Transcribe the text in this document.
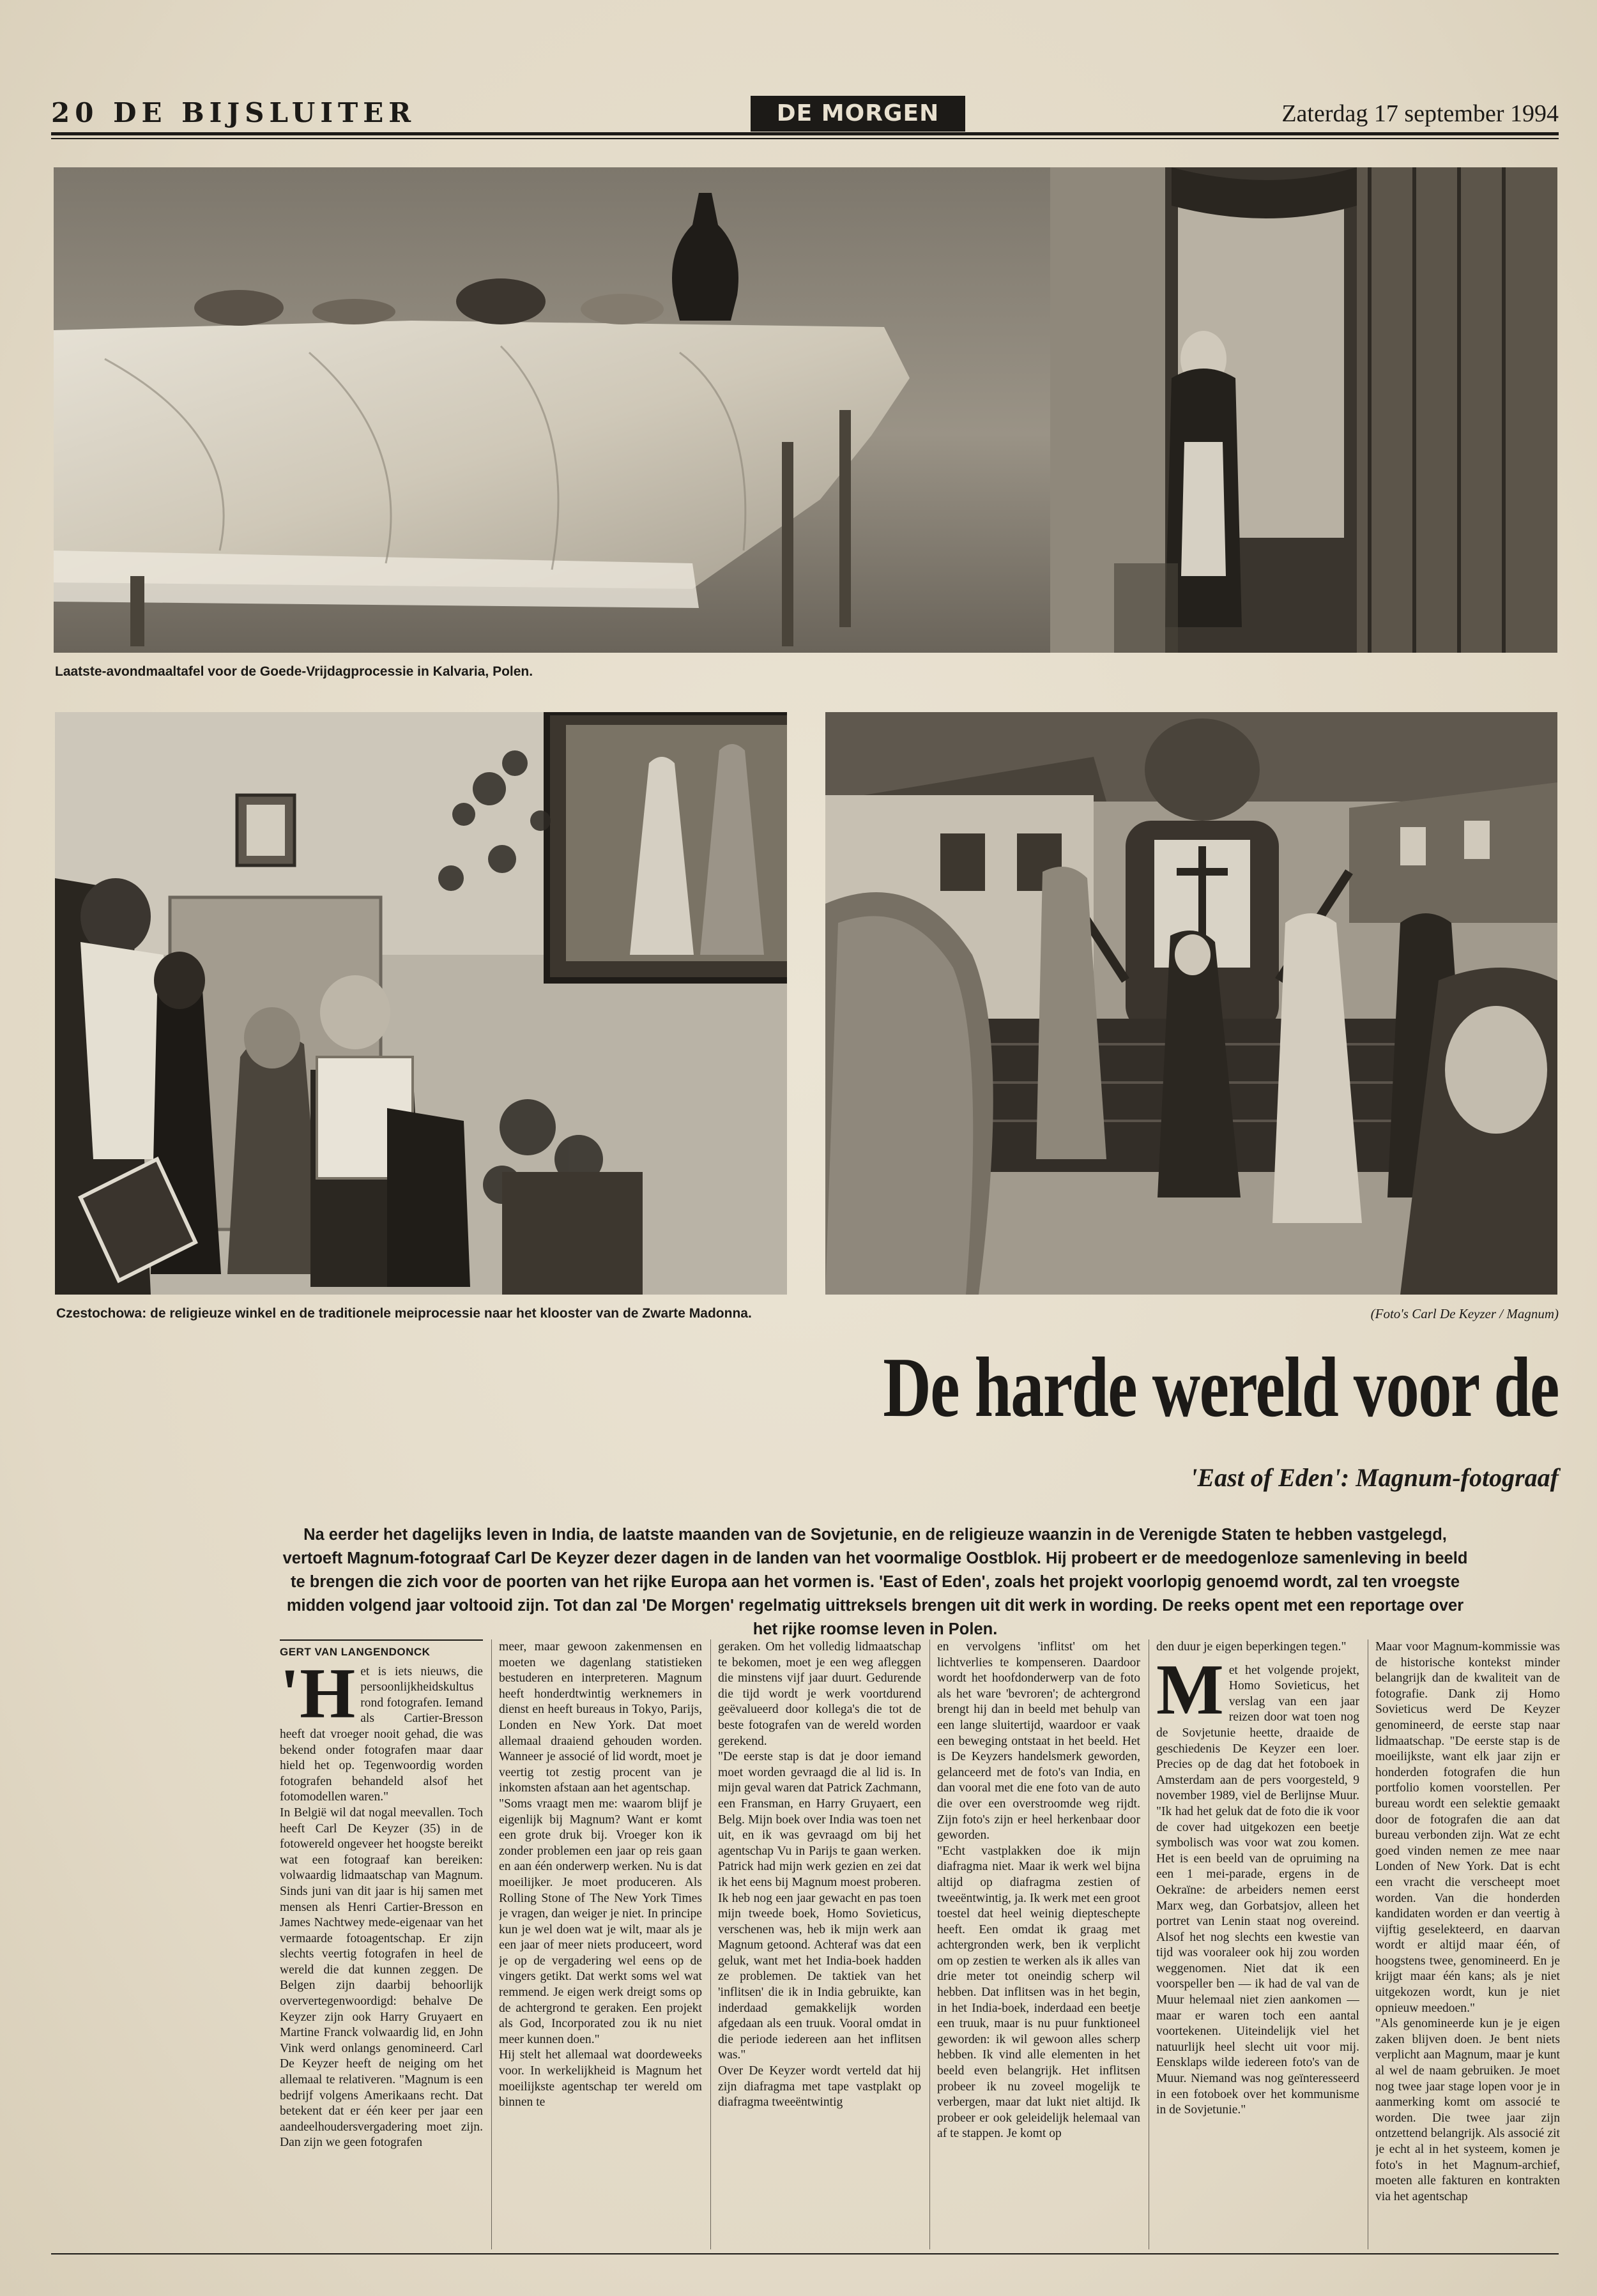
20 DE BIJSLUITER	DE MORGEN	Zaterdag 17 september 1994
Laatste-avondmaaltafel voor de Goede-Vrijdagprocessie in Kalvaria, Polen.
Czestochowa: de religieuze winkel en de traditionele meiprocessie naar het klooster van de Zwarte Madonna.	(Foto's Carl De Keyzer / Magnum)
De harde wereld voor de
'East of Eden': Magnum-fotograaf
Na eerder het dagelijks leven in India, de laatste maanden van de Sovjetunie, en de religieuze waanzin in de Verenigde Staten te hebben vastgelegd, vertoeft Magnum-fotograaf Carl De Keyzer dezer dagen in de landen van het voormalige Oostblok. Hij probeert er de meedogenloze samenleving in beeld te brengen die zich voor de poorten van het rijke Europa aan het vormen is. 'East of Eden', zoals het projekt voorlopig genoemd wordt, zal ten vroegste midden volgend jaar voltooid zijn. Tot dan zal 'De Morgen' regelmatig uittreksels brengen uit dit werk in wording. De reeks opent met een reportage over het rijke roomse leven in Polen.
GERT VAN LANGENDONCK
'H et is iets nieuws, die persoonlijkheidskultus rond fotografen. Iemand als Cartier-Bresson heeft dat vroeger nooit gehad, die was bekend onder fotografen maar daar hield het op. Tegenwoordig worden fotografen behandeld alsof het fotomodellen waren."

In België wil dat nogal meevallen. Toch heeft Carl De Keyzer (35) in de fotowereld ongeveer het hoogste bereikt wat een fotograaf kan bereiken: volwaardig lidmaatschap van Magnum. Sinds juni van dit jaar is hij samen met mensen als Henri Cartier-Bresson en James Nachtwey mede-eigenaar van het vermaarde fotoagentschap. Er zijn slechts veertig fotografen in heel de wereld die dat kunnen zeggen. De Belgen zijn daarbij behoorlijk oververtegenwoordigd: behalve De Keyzer zijn ook Harry Gruyaert en Martine Franck volwaardig lid, en John Vink werd onlangs genomineerd. Carl De Keyzer heeft de neiging om het allemaal te relativeren. "Magnum is een bedrijf volgens Amerikaans recht. Dat betekent dat er één keer per jaar een aandeelhoudersvergadering moet zijn. Dan zijn we geen fotografen

meer, maar gewoon zakenmensen en moeten we dagenlang statistieken bestuderen en interpreteren. Magnum heeft honderdtwintig werknemers in dienst en heeft bureaus in Tokyo, Parijs, Londen en New York. Dat moet allemaal draaiend gehouden worden. Wanneer je associé of lid wordt, moet je veertig tot zestig procent van je inkomsten afstaan aan het agentschap.

"Soms vraagt men me: waarom blijf je eigenlijk bij Magnum? Want er komt een grote druk bij. Vroeger kon ik zonder problemen een jaar op reis gaan en aan één onderwerp werken. Nu is dat moeilijker. Je moet produceren. Als Rolling Stone of The New York Times je vragen, dan weiger je niet. In principe kun je wel doen wat je wilt, maar als je een jaar of meer niets produceert, word je op de vergadering wel eens op de vingers getikt. Dat werkt soms wel wat remmend. Je eigen werk dreigt soms op de achtergrond te geraken. Een projekt als God, Incorporated zou ik nu niet meer kunnen doen."

Hij stelt het allemaal wat doordeweeks voor. In werkelijkheid is Magnum het moeilijkste agentschap ter wereld om binnen te

geraken. Om het volledig lidmaatschap te bekomen, moet je een weg afleggen die minstens vijf jaar duurt. Gedurende die tijd wordt je werk voortdurend geëvalueerd door kollega's die tot de beste fotografen van de wereld worden gerekend.

"De eerste stap is dat je door iemand moet worden gevraagd die al lid is. In mijn geval waren dat Patrick Zachmann, een Fransman, en Harry Gruyaert, een Belg. Mijn boek over India was toen net uit, en ik was gevraagd om bij het agentschap Vu in Parijs te gaan werken. Patrick had mijn werk gezien en zei dat ik het eens bij Magnum moest proberen. Ik heb nog een jaar gewacht en pas toen mijn tweede boek, Homo Sovieticus, verschenen was, heb ik mijn werk aan Magnum getoond. Achteraf was dat een geluk, want met het India-boek hadden ze problemen. De taktiek van het 'inflitsen' die ik in India gebruikte, kan inderdaad gemakkelijk worden afgedaan als een truuk. Vooral omdat in die periode iedereen aan het inflitsen was."

Over De Keyzer wordt verteld dat hij zijn diafragma met tape vastplakt op diafragma tweeëntwintig

en vervolgens 'inflitst' om het lichtverlies te kompenseren. Daardoor wordt het hoofdonderwerp van de foto als het ware 'bevroren'; de achtergrond brengt hij dan in beeld met behulp van een lange sluitertijd, waardoor er vaak een beweging ontstaat in het beeld. Het is De Keyzers handelsmerk geworden, gelanceerd met de foto's van India, en dan vooral met die ene foto van de auto die over een overstroomde weg rijdt. Zijn foto's zijn er heel herkenbaar door geworden.

"Echt vastplakken doe ik mijn diafragma niet. Maar ik werk wel bijna altijd op diafragma zestien of tweeëntwintig, ja. Ik werk met een groot toestel dat heel weinig diepteschepte heeft. Een omdat ik graag met achtergronden werk, ben ik verplicht om op zestien te werken als ik alles van drie meter tot oneindig scherp wil hebben. Dat inflitsen was in het begin, in het India-boek, inderdaad een beetje een truuk, maar is nu puur funktioneel geworden: ik wil gewoon alles scherp hebben. Ik vind alle elementen in het beeld even belangrijk. Het inflitsen probeer ik nu zoveel mogelijk te verbergen, maar dat lukt niet altijd. Ik probeer er ook geleidelijk helemaal van af te stappen. Je komt op

den duur je eigen beperkingen tegen."

M et het volgende projekt, Homo Sovieticus, het verslag van een jaar reizen door wat toen nog de Sovjetunie heette, draaide de geschiedenis De Keyzer een loer. Precies op de dag dat het fotoboek in Amsterdam aan de pers voorgesteld, 9 november 1989, viel de Berlijnse Muur. "Ik had het geluk dat de foto die ik voor de cover had uitgekozen een beetje symbolisch was voor wat zou komen. Het is een beeld van de opruiming na een 1 mei-parade, ergens in de Oekraïne: de arbeiders nemen eerst Marx weg, dan Gorbatsjov, alleen het portret van Lenin staat nog overeind. Alsof het nog slechts een kwestie van tijd was vooraleer ook hij zou worden weggenomen. Niet dat ik een voorspeller ben — ik had de val van de Muur helemaal niet zien aankomen — maar er waren toch een aantal voortekenen. Uiteindelijk viel het natuurlijk heel slecht uit voor mij. Eensklaps wilde iedereen foto's van de Muur. Niemand was nog geïnteresseerd in een fotoboek over het kommunisme in de Sovjetunie."

Maar voor Magnum-kommissie was de historische kontekst minder belangrijk dan de kwaliteit van de fotografie. Dank zij Homo Sovieticus werd De Keyzer genomineerd, de eerste stap naar lidmaatschap. "De eerste stap is de moeilijkste, want elk jaar zijn er honderden fotografen die hun portfolio komen voorstellen. Per bureau wordt een selektie gemaakt door de fotografen die aan dat bureau verbonden zijn. Wat ze echt goed vinden nemen ze mee naar Londen of New York. Dat is echt een vracht die verscheept moet worden. Van die honderden kandidaten worden er dan veertig à vijftig geselekteerd, en daarvan wordt er altijd maar één, of hoogstens twee, genomineerd. En je krijgt maar één kans; als je niet uitgekozen wordt, kun je niet opnieuw meedoen."

"Als genomineerde kun je je eigen zaken blijven doen. Je bent niets verplicht aan Magnum, maar je kunt al wel de naam gebruiken. Je moet nog twee jaar stage lopen voor je in aanmerking komt om associé te worden. Die twee jaar zijn ontzettend belangrijk. Als associé zit je echt al in het systeem, komen je foto's in het Magnum-archief, moeten alle fakturen en kontrakten via het agentschap
